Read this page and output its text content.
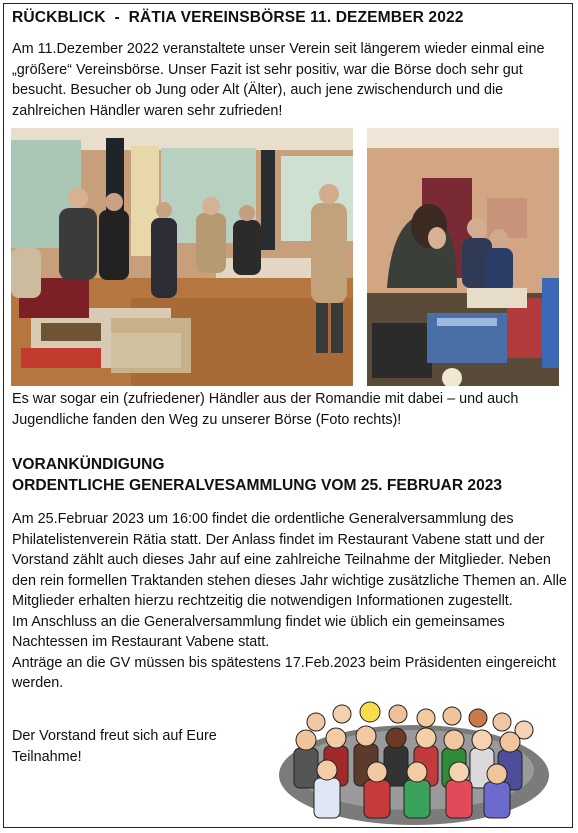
RÜCKBLICK  -  RÄTIA VEREINSBÖRSE 11. DEZEMBER 2022

Am 11.Dezember 2022 veranstaltete unser Verein seit längerem wieder einmal eine „größere“ Vereinsbörse. Unser Fazit ist sehr positiv, war die Börse doch sehr gut besucht. Besucher ob Jung oder Alt (Älter), auch jene zwischendurch und die zahlreichen Händler waren sehr zufrieden!

Es war sogar ein (zufriedener) Händler aus der Romandie mit dabei – und auch Jugendliche fanden den Weg zu unserer Börse (Foto rechts)!

VORANKÜNDIGUNG
ORDENTLICHE GENERALVESAMMLUNG VOM 25. FEBRUAR 2023
Am 25.Februar 2023 um 16:00 findet die ordentliche Generalversammlung des Philatelistenverein Rätia statt. Der Anlass findet im Restaurant Vabene statt und der Vorstand zählt auch dieses Jahr auf eine zahlreiche Teilnahme der Mitglieder. Neben den rein formellen Traktanden stehen dieses Jahr wichtige zusätzliche Themen an. Alle Mitglieder erhalten hierzu rechtzeitig die notwendigen Informationen zugestellt.
Im Anschluss an die Generalversammlung findet wie üblich ein gemeinsames Nachtessen im Restaurant Vabene statt.
Anträge an die GV müssen bis spätestens 17.Feb.2023 beim Präsidenten eingereicht werden.

Der Vorstand freut sich auf Eure Teilnahme!
